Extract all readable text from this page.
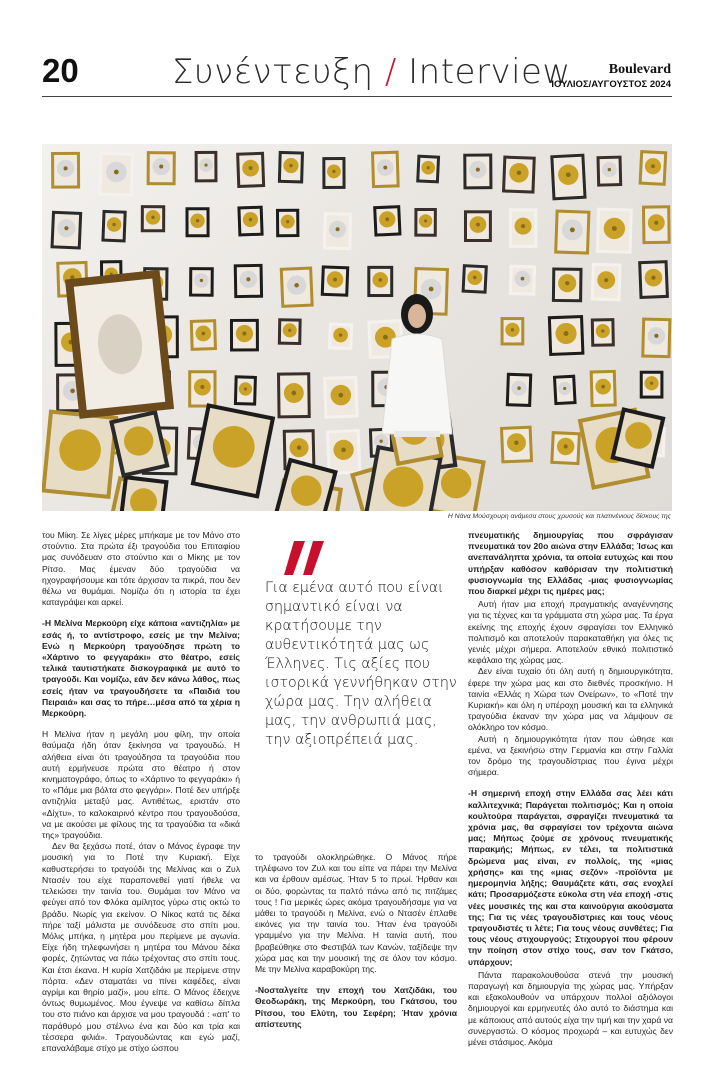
20	Συνέντευξη / Interview	Boulevard
ΙΟΥΛΙΟΣ/ΑΥΓΟΥΣΤΟΣ 2024
Η Νάνα Μούσχουρη ανάμεσα στους χρυσούς και πλατινένιους δίσκους της

του Μίκη. Σε λίγες μέρες μπήκαμε με τον Μάνο στο στούντιο. Στα πρώτα έξι τραγούδια του Επιταφίου μας συνόδευαν στο στούντιο και ο Μίκης με τον Ρίτσο. Μας έμεναν δύο τραγούδια να ηχογραφήσουμε και τότε άρχισαν τα πικρά, που δεν θέλω να θυμάμαι. Νομίζω ότι η ιστορία τα έχει καταγράψει και αρκεί.

-Η Μελίνα Μερκούρη είχε κάποια «αντιζηλία» με εσάς ή, το αντίστροφο, εσείς με την Μελίνα; Ενώ η Μερκούρη τραγούδησε πρώτη το «Χάρτινο το φεγγαράκι» στο θέατρο, εσείς τελικά ταυτιστήκατε δισκογραφικά με αυτό το τραγούδι. Και νομίζω, εάν δεν κάνω λάθος, πως εσείς ήταν να τραγουδήσετε τα «Παιδιά του Πειραιά» και σας το πήρε…μέσα από τα χέρια η Μερκούρη.

Η Μελίνα ήταν η μεγάλη μου φίλη, την οποία θαύμαζα ήδη όταν ξεκίνησα να τραγουδώ. Η αλήθεια είναι ότι τραγούδησα τα τραγούδια που αυτή ερμήνευσε πρώτα στο θέατρο ή στον κινηματογράφο, όπως το «Χάρτινο το φεγγαράκι» ή το «Πάμε μια βόλτα στο φεγγάρι». Ποτέ δεν υπήρξε αντιζηλία μεταξύ μας. Αντιθέτως, εριστάν στο «Δίχτυ», το καλοκαιρινό κέντρο που τραγουδούσα, να με ακούσει με φίλους της τα τραγούδια τα «δικά της» τραγούδια.

Δεν θα ξεχάσω ποτέ, όταν ο Μάνος έγραφε την μουσική για το Ποτέ την Κυριακή. Είχε καθυστερήσει το τραγούδι της Μελίνας και ο Ζυλ Ντασέν του είχε παραπονεθεί γιατί ήθελε να τελειώσει την ταινία του. Θυμάμαι τον Μάνο να φεύγει από τον Φλόκα αμίλητος γύρω στις οκτώ το βράδυ. Νωρίς για εκείνον. Ο Νίκος κατά τις δέκα πήρε ταξί μάλιστα με συνόδευσε στο σπίτι μου. Μόλις μπήκα, η μητέρα μου περίμενε με αγωνία. Είχε ήδη τηλεφωνήσει η μητέρα του Μάνου δέκα φορές, ζητώντας να πάω τρέχοντας στο σπίτι τους. Και έτσι έκανα. Η κυρία Χατζιδάκι με περίμενε στην πόρτα. «Δεν σταματάει να πίνει καφέδες, είναι αγρίμι και θηρίο μαζί», μου είπε. Ο Μάνος έδειχνε όντως θυμωμένος. Μου έγνεψε να καθίσω δίπλα του στο πιάνο και άρχισε να μου τραγουδά : «απ' το παράθυρό μου στέλνω ένα και δύο και τρία και τέσσερα φιλιά». Τραγουδώντας και εγώ μαζί, επαναλάβαμε στίχο με στίχο ώσπου

Για εμένα αυτό που είναι σημαντικό είναι να κρατήσουμε την αυθεντικότητά μας ως Έλληνες. Τις αξίες που ιστορικά γεννήθηκαν στην χώρα μας. Την αλήθεια μας, την ανθρωπιά μας, την αξιοπρέπειά μας.

το τραγούδι ολοκληρώθηκε. Ο Μάνος πήρε τηλέφωνο τον Ζυλ και του είπε να πάρει την Μελίνα και να έρθουν αμέσως. Ήταν 5 το πρωί. Ήρθαν και οι δύο, φορώντας τα παλτό πάνω από τις πιτζάμες τους ! Για μερικές ώρες ακόμα τραγουδήσαμε για να μάθει το τραγούδι η Μελίνα, ενώ ο Ντασέν έπλαθε εικόνες για την ταινία του. Ήταν ένα τραγούδι γραμμένο για την Μελίνα. Η ταινία αυτή, που βραβεύθηκε στο Φεστιβάλ των Κανών, ταξίδεψε την χώρα μας και την μουσική της σε όλον τον κόσμο. Με την Μελίνα καραβοκύρη της.

-Νοσταλγείτε την εποχή του Χατζιδάκι, του Θεοδωράκη, της Μερκούρη, του Γκάτσου, του Ρίτσου, του Ελύτη, του Σεφέρη; Ήταν χρόνια απίστευτης

πνευματικής δημιουργίας που σφράγισαν πνευματικά τον 20ο αιώνα στην Ελλάδα; Ίσως και ανεπανάληπτα χρόνια, τα οποία ευτυχώς και που υπήρξαν καθόσον καθόρισαν την πολιτιστική φυσιογνωμία της Ελλάδας -μιας φυσιογνωμίας που διαρκεί μέχρι τις ημέρες μας;

Αυτή ήταν μια εποχή πραγματικής αναγέννησης για τις τέχνες και τα γράμματα στη χώρα μας. Τα έργα εκείνης της εποχής έχουν σφραγίσει τον Ελληνικό πολιτισμό και αποτελούν παρακαταθήκη για όλες τις γενιές μέχρι σήμερα. Αποτελούν εθνικό πολιτιστικό κεφάλαιο της χώρας μας.

Δεν είναι τυχαίο ότι όλη αυτή η δημιουργικότητα, έφερε την χώρα μας και στο διεθνές προσκήνιο. Η ταινία «Ελλάς η Χώρα των Ονείρων», το «Ποτέ την Κυριακή» και όλη η υπέροχη μουσική και τα ελληνικά τραγούδια έκαναν την χώρα μας να λάμψουν σε ολόκληρο τον κόσμο.

Αυτή η δημιουργικότητα ήταν που ώθησε και εμένα, να ξεκινήσω στην Γερμανία και στην Γαλλία τον δρόμο της τραγουδίστριας που έγινα μέχρι σήμερα.

-Η σημερινή εποχή στην Ελλάδα σας λέει κάτι καλλιτεχνικά; Παράγεται πολιτισμός; Και η οποία κουλτούρα παράγεται, σφραγίζει πνευματικά τα χρόνια μας, θα σφραγίσει τον τρέχοντα αιώνα μας; Μήπως ζούμε σε χρόνους πνευματικής παρακμής; Μήπως, εν τέλει, τα πολιτιστικά δρώμενα μας είναι, εν πολλοίς, της «μιας χρήσης» και της «μιας σεζόν» -προϊόντα με ημερομηνία λήξης; Θαυμάζετε κάτι, σας ενοχλεί κάτι; Προσαρμόζεστε εύκολα στη νέα εποχή -στις νέες μουσικές της και στα καινούργια ακούσματα της; Για τις νέες τραγουδίστριες και τους νέους τραγουδιστές τι λέτε; Για τους νέους συνθέτες; Για τους νέους στιχουργούς; Στιχουργοί που φέρουν την ποίηση στον στίχο τους, σαν τον Γκάτσο, υπάρχουν;

Πάντα παρακολουθούσα στενά την μουσική παραγωγή και δημιουργία της χώρας μας. Υπήρξαν και εξακολουθούν να υπάρχουν πολλοί αξιόλογοι δημιουργοί και ερμηνευτές όλο αυτό το διάστημα και με κάποιους από αυτούς είχα την τιμή και την χαρά να συνεργαστώ. Ο κόσμος προχωρά – και ευτυχώς δεν μένει στάσιμος. Ακόμα
